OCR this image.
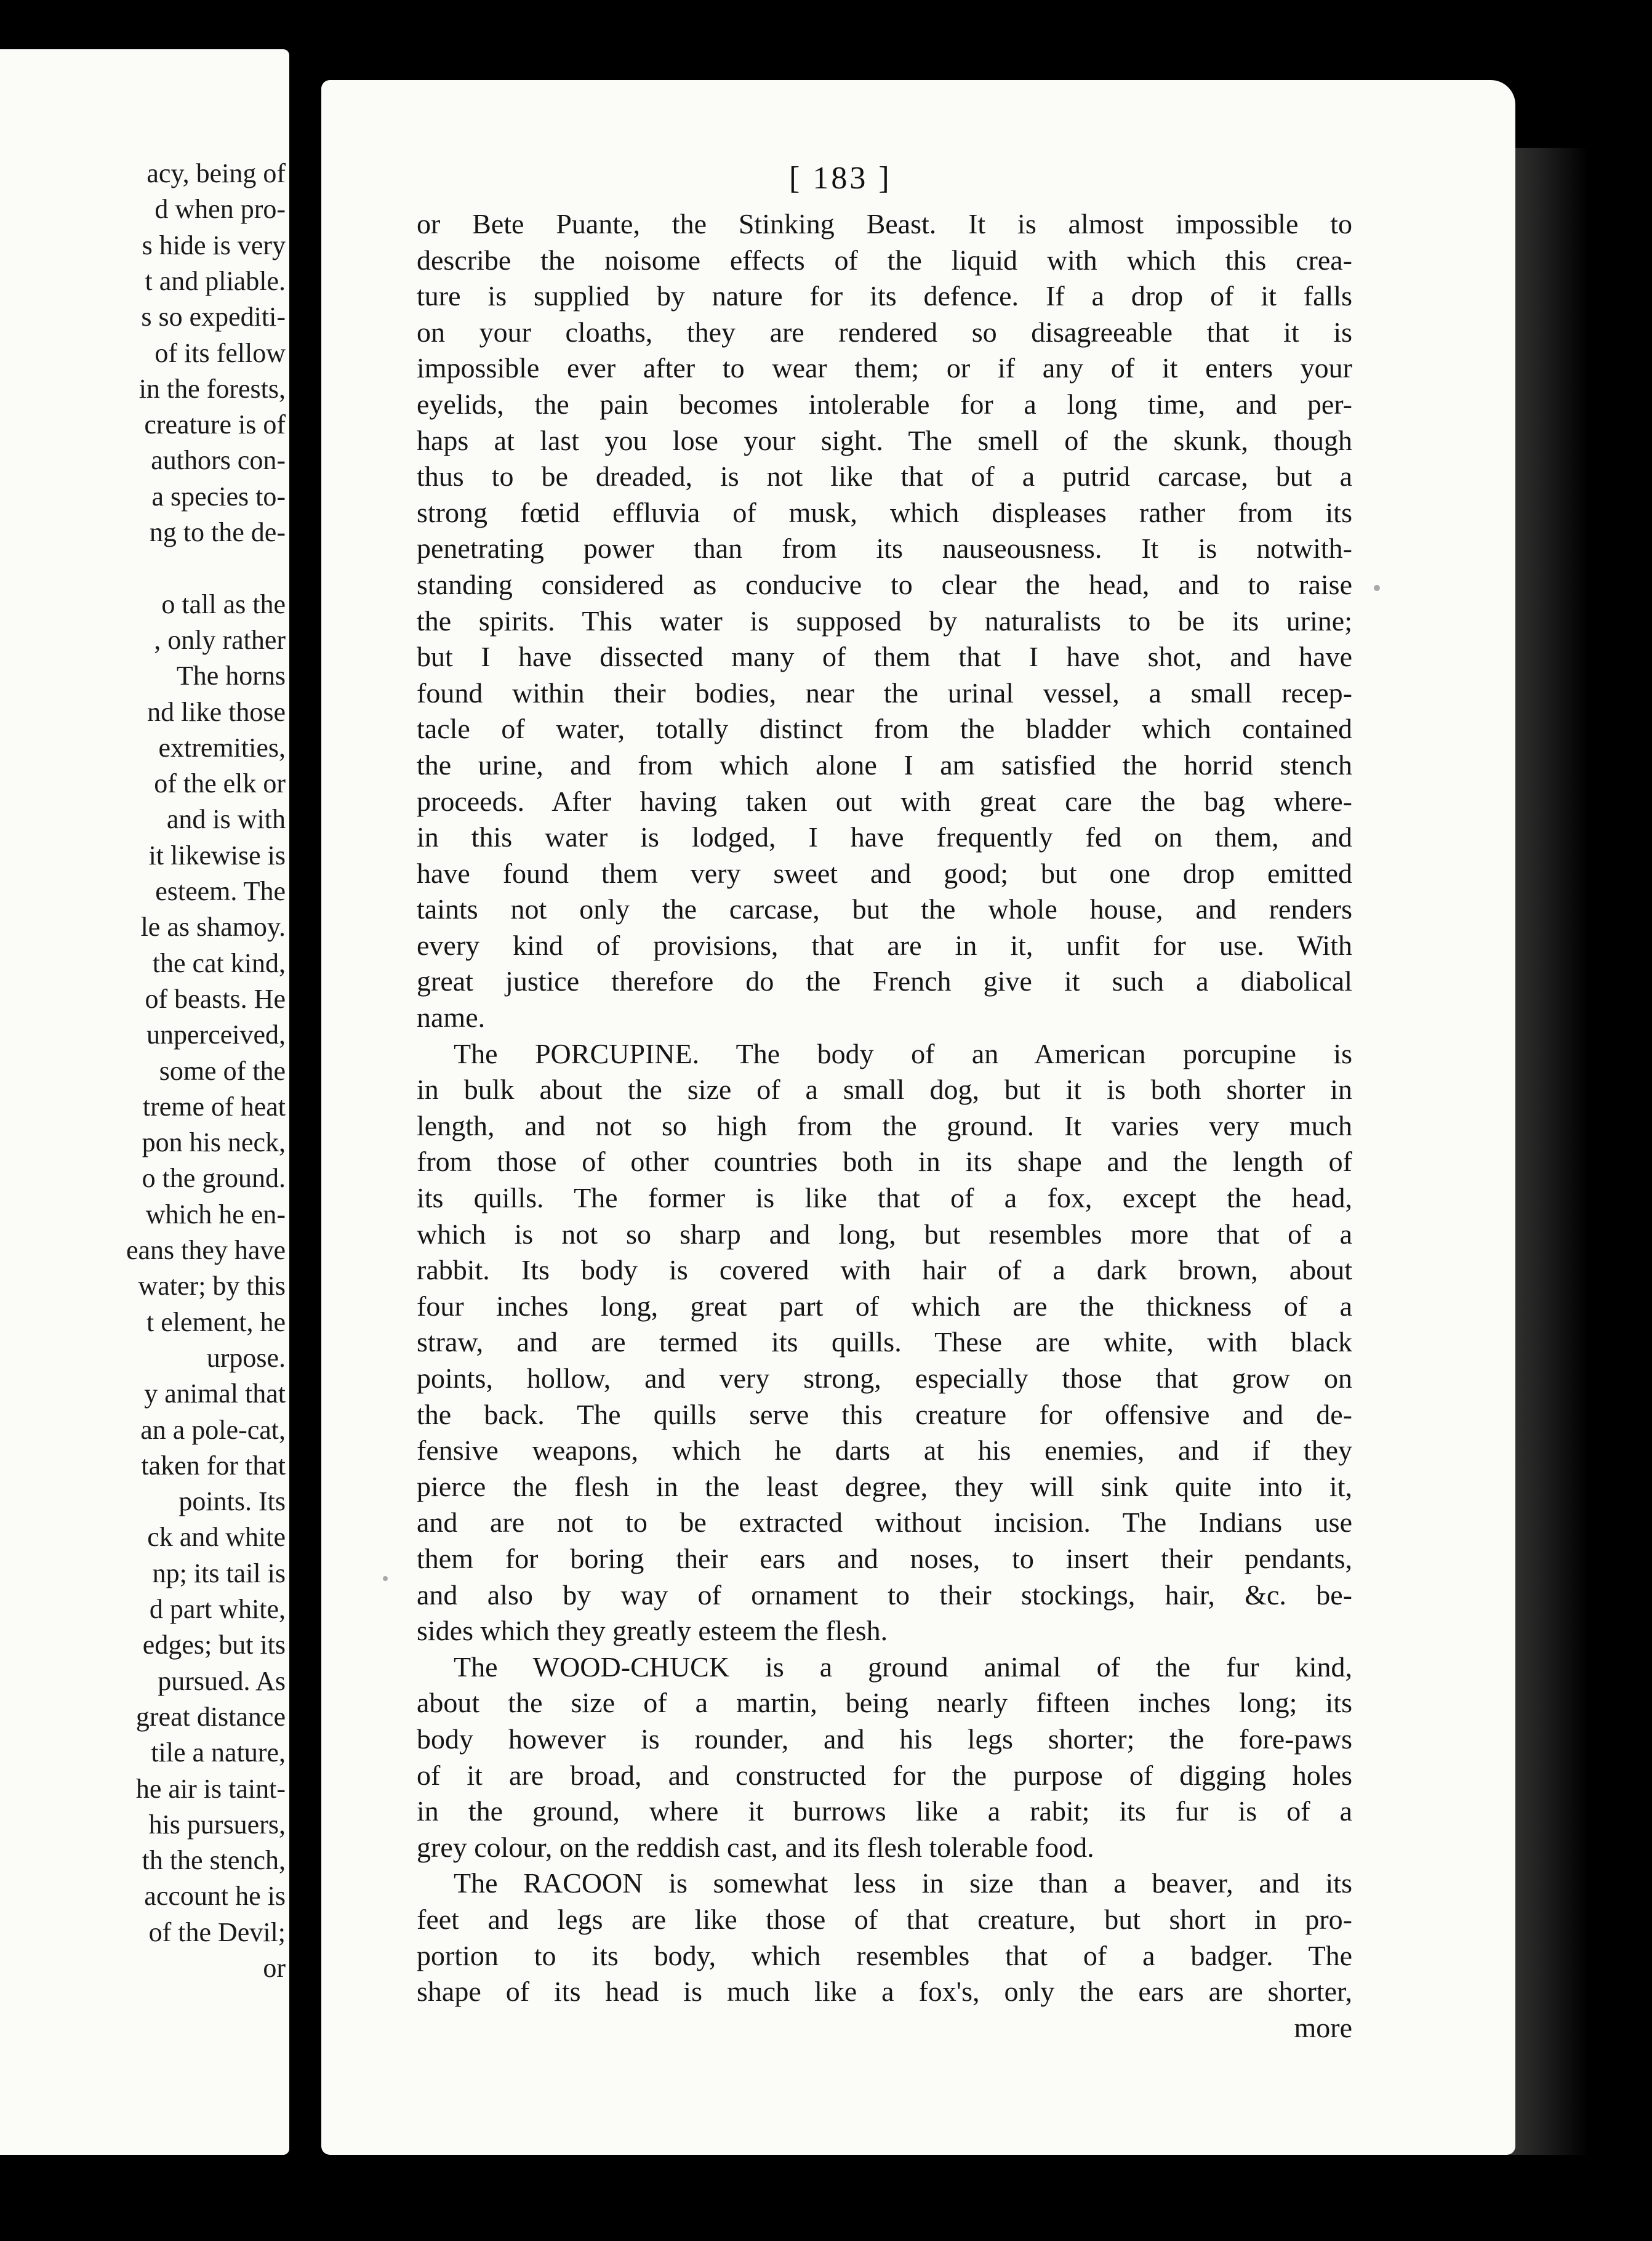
acy, being of
d when pro-
s hide is very
t and pliable.
s so expediti-
of its fellow
in the forests,
creature is of
authors con-
a species to-
ng to the de-
o tall as the
, only rather
The horns
nd like those
extremities,
of the elk or
and is with
it likewise is
esteem. The
le as shamoy.
the cat kind,
of beasts. He
unperceived,
some of the
treme of heat
pon his neck,
o the ground.
which he en-
eans they have
water; by this
t element, he
urpose.
y animal that
an a pole-cat,
taken for that
points. Its
ck and white
np; its tail is
d part white,
edges; but its
pursued. As
great distance
tile a nature,
he air is taint-
his pursuers,
th the stench,
account he is
of the Devil;
or
[ 183 ]
or Bete Puante, the Stinking Beast. It is almost impossible to
describe the noisome effects of the liquid with which this crea-
ture is supplied by nature for its defence. If a drop of it falls
on your cloaths, they are rendered so disagreeable that it is
impossible ever after to wear them; or if any of it enters your
eyelids, the pain becomes intolerable for a long time, and per-
haps at last you lose your sight. The smell of the skunk, though
thus to be dreaded, is not like that of a putrid carcase, but a
strong fœtid effluvia of musk, which displeases rather from its
penetrating power than from its nauseousness. It is notwith-
standing considered as conducive to clear the head, and to raise
the spirits. This water is supposed by naturalists to be its urine;
but I have dissected many of them that I have shot, and have
found within their bodies, near the urinal vessel, a small recep-
tacle of water, totally distinct from the bladder which contained
the urine, and from which alone I am satisfied the horrid stench
proceeds. After having taken out with great care the bag where-
in this water is lodged, I have frequently fed on them, and
have found them very sweet and good; but one drop emitted
taints not only the carcase, but the whole house, and renders
every kind of provisions, that are in it, unfit for use. With
great justice therefore do the French give it such a diabolical
name.
The PORCUPINE. The body of an American porcupine is
in bulk about the size of a small dog, but it is both shorter in
length, and not so high from the ground. It varies very much
from those of other countries both in its shape and the length of
its quills. The former is like that of a fox, except the head,
which is not so sharp and long, but resembles more that of a
rabbit. Its body is covered with hair of a dark brown, about
four inches long, great part of which are the thickness of a
straw, and are termed its quills. These are white, with black
points, hollow, and very strong, especially those that grow on
the back. The quills serve this creature for offensive and de-
fensive weapons, which he darts at his enemies, and if they
pierce the flesh in the least degree, they will sink quite into it,
and are not to be extracted without incision. The Indians use
them for boring their ears and noses, to insert their pendants,
and also by way of ornament to their stockings, hair, &c. be-
sides which they greatly esteem the flesh.
The WOOD-CHUCK is a ground animal of the fur kind,
about the size of a martin, being nearly fifteen inches long; its
body however is rounder, and his legs shorter; the fore-paws
of it are broad, and constructed for the purpose of digging holes
in the ground, where it burrows like a rabit; its fur is of a
grey colour, on the reddish cast, and its flesh tolerable food.
The RACOON is somewhat less in size than a beaver, and its
feet and legs are like those of that creature, but short in pro-
portion to its body, which resembles that of a badger. The
shape of its head is much like a fox's, only the ears are shorter,
more
